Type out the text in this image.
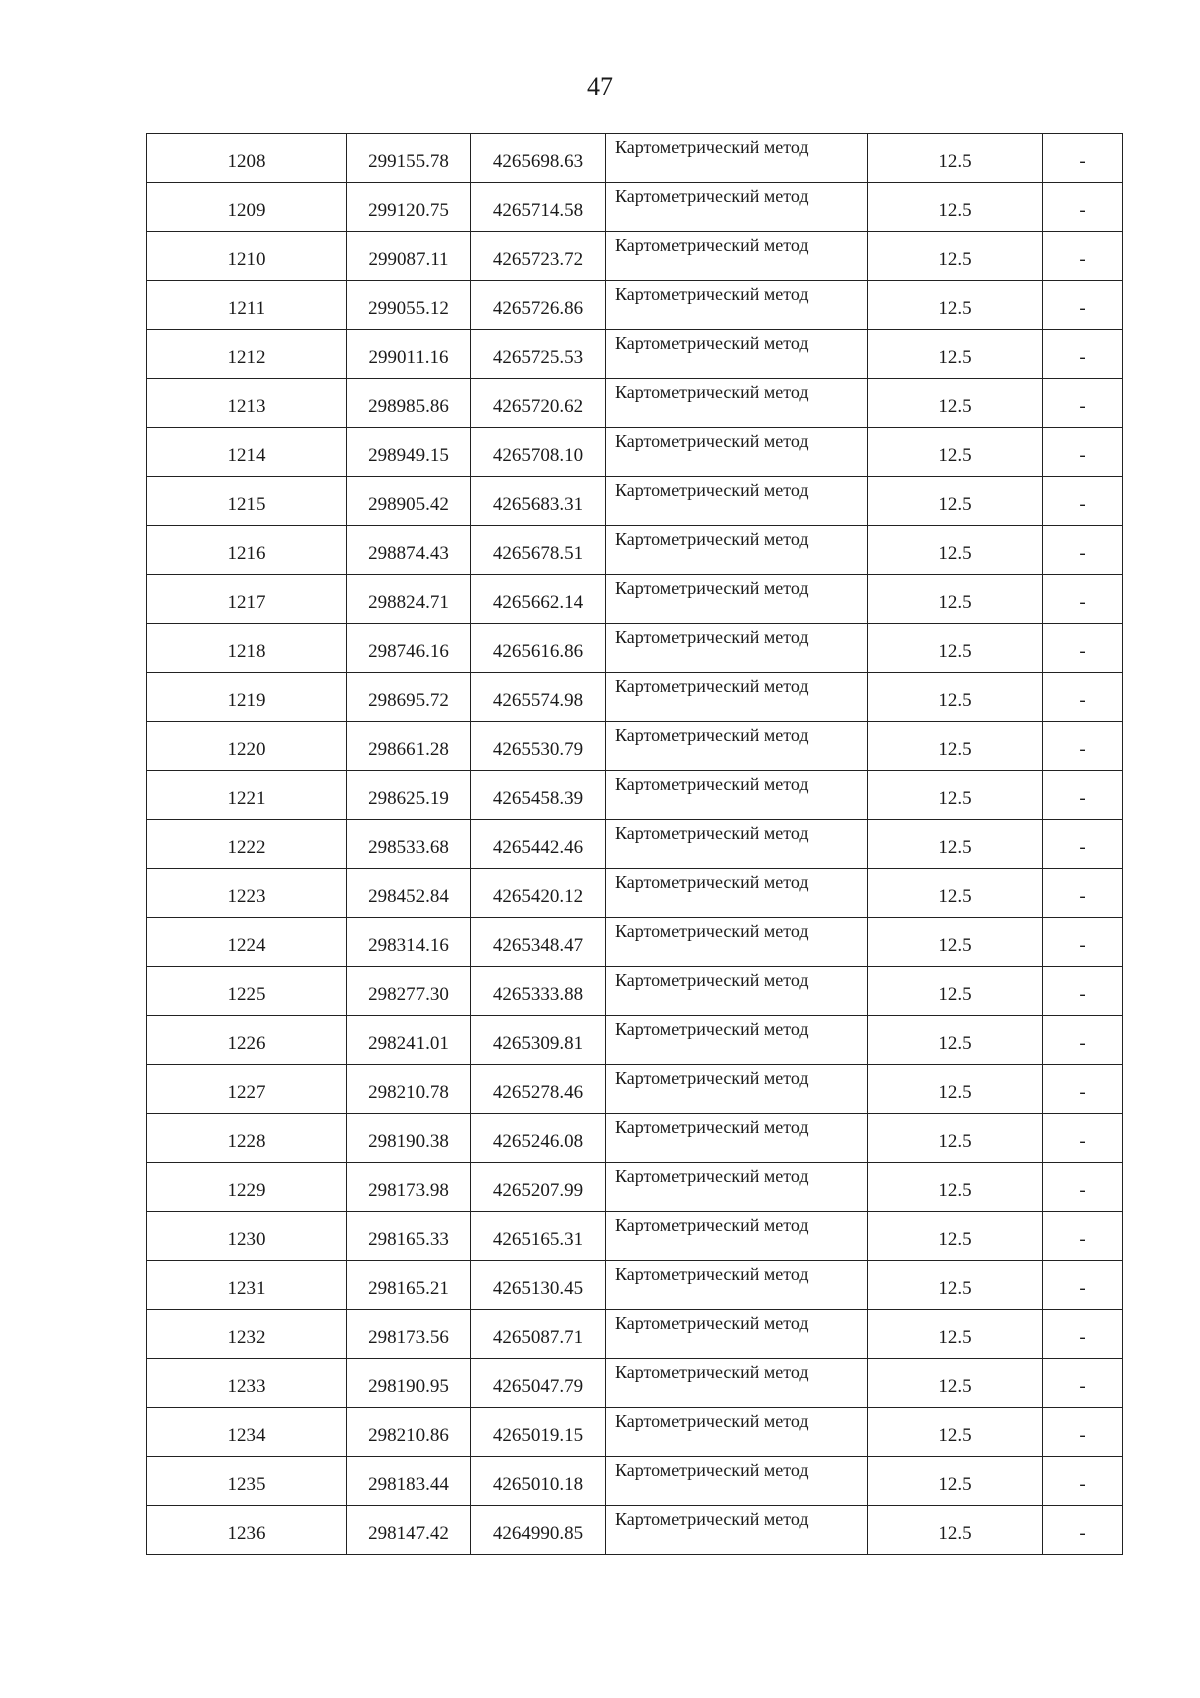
47
1208	299155.78	4265698.63	Картометрический метод	12.5	-
1209	299120.75	4265714.58	Картометрический метод	12.5	-
1210	299087.11	4265723.72	Картометрический метод	12.5	-
1211	299055.12	4265726.86	Картометрический метод	12.5	-
1212	299011.16	4265725.53	Картометрический метод	12.5	-
1213	298985.86	4265720.62	Картометрический метод	12.5	-
1214	298949.15	4265708.10	Картометрический метод	12.5	-
1215	298905.42	4265683.31	Картометрический метод	12.5	-
1216	298874.43	4265678.51	Картометрический метод	12.5	-
1217	298824.71	4265662.14	Картометрический метод	12.5	-
1218	298746.16	4265616.86	Картометрический метод	12.5	-
1219	298695.72	4265574.98	Картометрический метод	12.5	-
1220	298661.28	4265530.79	Картометрический метод	12.5	-
1221	298625.19	4265458.39	Картометрический метод	12.5	-
1222	298533.68	4265442.46	Картометрический метод	12.5	-
1223	298452.84	4265420.12	Картометрический метод	12.5	-
1224	298314.16	4265348.47	Картометрический метод	12.5	-
1225	298277.30	4265333.88	Картометрический метод	12.5	-
1226	298241.01	4265309.81	Картометрический метод	12.5	-
1227	298210.78	4265278.46	Картометрический метод	12.5	-
1228	298190.38	4265246.08	Картометрический метод	12.5	-
1229	298173.98	4265207.99	Картометрический метод	12.5	-
1230	298165.33	4265165.31	Картометрический метод	12.5	-
1231	298165.21	4265130.45	Картометрический метод	12.5	-
1232	298173.56	4265087.71	Картометрический метод	12.5	-
1233	298190.95	4265047.79	Картометрический метод	12.5	-
1234	298210.86	4265019.15	Картометрический метод	12.5	-
1235	298183.44	4265010.18	Картометрический метод	12.5	-
1236	298147.42	4264990.85	Картометрический метод	12.5	-
